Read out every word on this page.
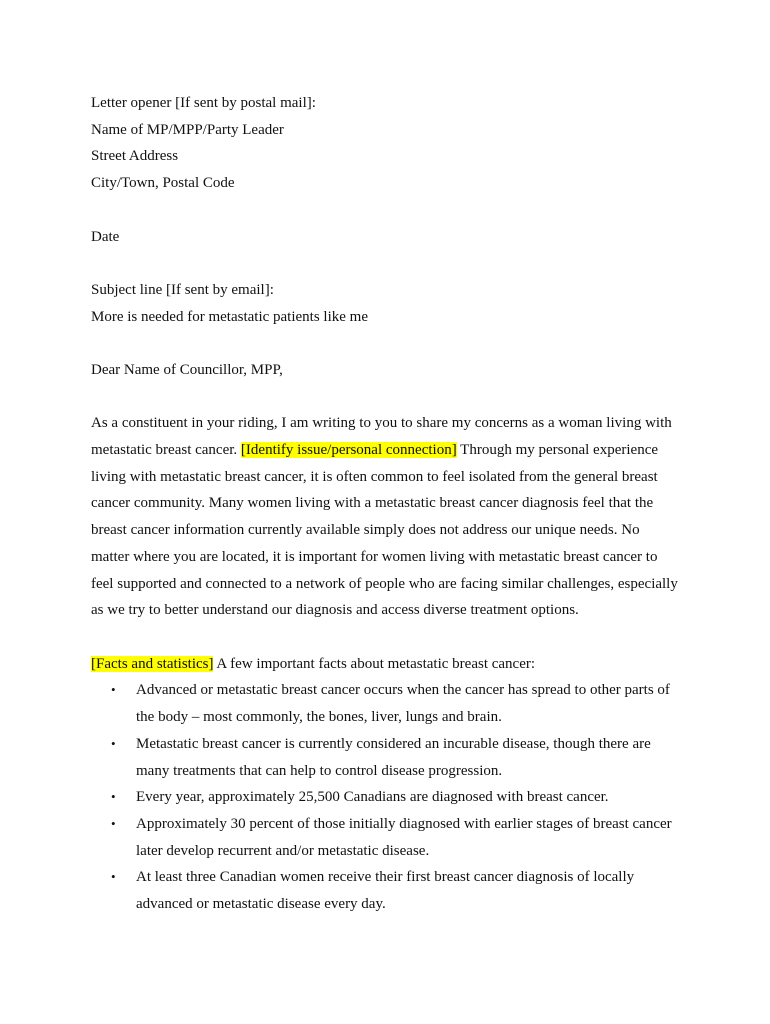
Letter opener [If sent by postal mail]:
Name of MP/MPP/Party Leader
Street Address
City/Town, Postal Code
Date
Subject line [If sent by email]:
More is needed for metastatic patients like me
Dear Name of Councillor, MPP,
As a constituent in your riding, I am writing to you to share my concerns as a woman living with metastatic breast cancer. [Identify issue/personal connection] Through my personal experience living with metastatic breast cancer, it is often common to feel isolated from the general breast cancer community. Many women living with a metastatic breast cancer diagnosis feel that the breast cancer information currently available simply does not address our unique needs. No matter where you are located, it is important for women living with metastatic breast cancer to feel supported and connected to a network of people who are facing similar challenges, especially as we try to better understand our diagnosis and access diverse treatment options.
[Facts and statistics] A few important facts about metastatic breast cancer:
• Advanced or metastatic breast cancer occurs when the cancer has spread to other parts of the body – most commonly, the bones, liver, lungs and brain.
• Metastatic breast cancer is currently considered an incurable disease, though there are many treatments that can help to control disease progression.
• Every year, approximately 25,500 Canadians are diagnosed with breast cancer.
• Approximately 30 percent of those initially diagnosed with earlier stages of breast cancer later develop recurrent and/or metastatic disease.
• At least three Canadian women receive their first breast cancer diagnosis of locally advanced or metastatic disease every day.
